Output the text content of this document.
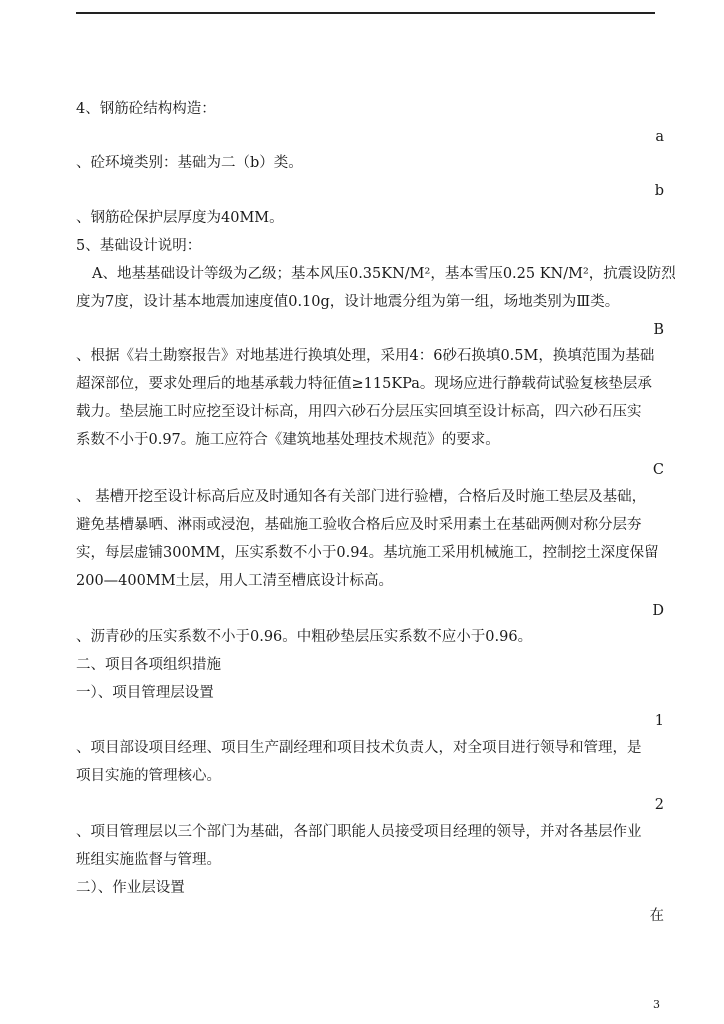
4、钢筋砼结构构造：
a
、砼环境类别：基础为二（b）类。
b
、钢筋砼保护层厚度为40MM。
5、基础设计说明：
A、地基基础设计等级为乙级；基本风压0.35KN/M²，基本雪压0.25 KN/M²，抗震设防烈
度为7度，设计基本地震加速度值0.10g，设计地震分组为第一组，场地类别为Ⅲ类。
B
、根据《岩土勘察报告》对地基进行换填处理，采用4：6砂石换填0.5M，换填范围为基础
超深部位，要求处理后的地基承载力特征值≥115KPa。现场应进行静载荷试验复核垫层承
载力。垫层施工时应挖至设计标高，用四六砂石分层压实回填至设计标高，四六砂石压实
系数不小于0.97。施工应符合《建筑地基处理技术规范》的要求。
C
、 基槽开挖至设计标高后应及时通知各有关部门进行验槽，合格后及时施工垫层及基础，
避免基槽暴晒、淋雨或浸泡，基础施工验收合格后应及时采用素土在基础两侧对称分层夯
实，每层虚铺300MM，压实系数不小于0.94。基坑施工采用机械施工，控制挖土深度保留
200—400MM土层，用人工清至槽底设计标高。
D
、沥青砂的压实系数不小于0.96。中粗砂垫层压实系数不应小于0.96。
二、项目各项组织措施
一）、项目管理层设置
1
、项目部设项目经理、项目生产副经理和项目技术负责人，对全项目进行领导和管理，是
项目实施的管理核心。
2
、项目管理层以三个部门为基础，各部门职能人员接受项目经理的领导，并对各基层作业
班组实施监督与管理。
二）、作业层设置
在
3
